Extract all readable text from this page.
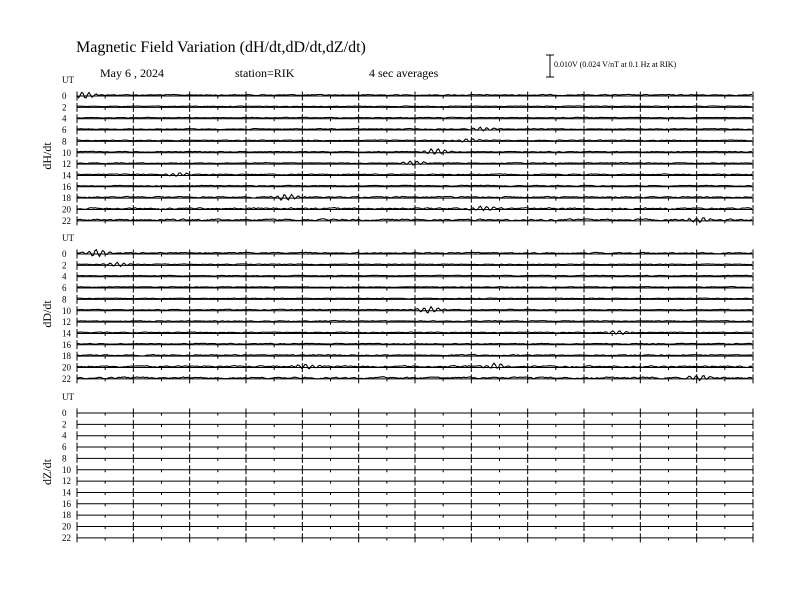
Magnetic Field Variation (dH/dt,dD/dt,dZ/dt)
May 6 , 2024	station=RIK	4 sec averages
0.010V (0.024 V/nT at 0.1 Hz at RIK)
UT
dH/dt
0
2
4
6
8
10
12
14
16
18
20
22
UT
dD/dt
0
2
4
6
8
10
12
14
16
18
20
22
UT
dZ/dt
0
2
4
6
8
10
12
14
16
18
20
22
